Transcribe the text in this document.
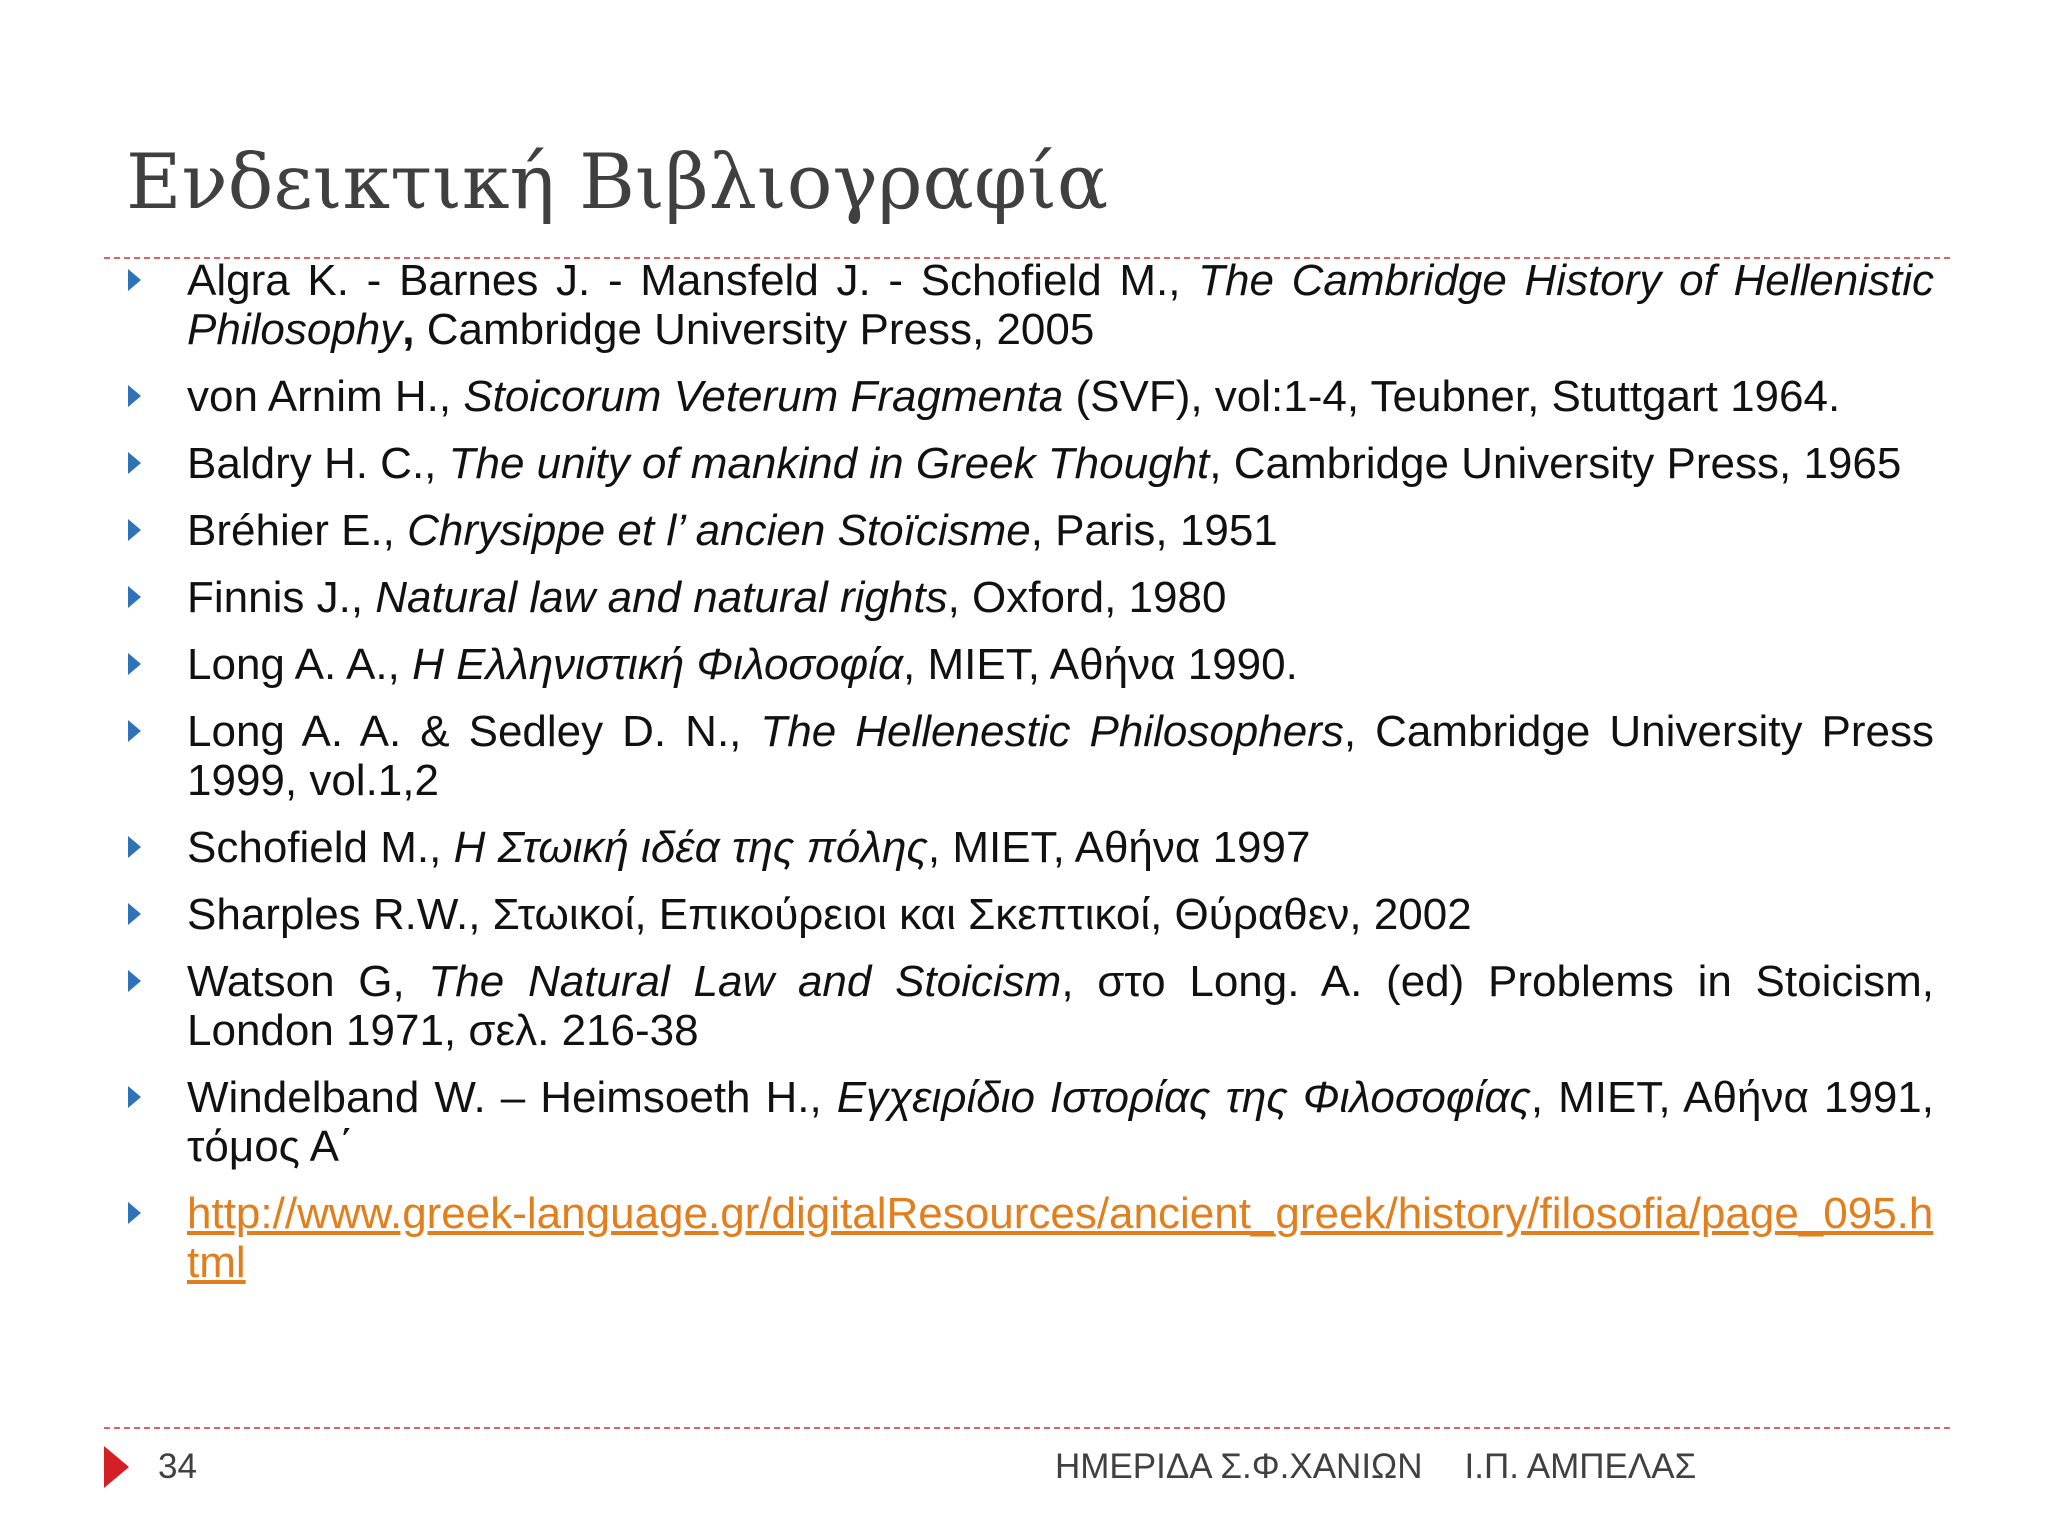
Ενδεικτική Βιβλιογραφία
Algra K. - Barnes J. - Mansfeld J. - Schofield M., The Cambridge History of Hellenistic Philosophy, Cambridge University Press, 2005
von Arnim H., Stoicorum Veterum Fragmenta (SVF), vol:1-4, Teubner, Stuttgart 1964.
Baldry H. C., The unity of mankind in Greek Thought, Cambridge University Press, 1965
Bréhier E., Chrysippe et l’ ancien Stoïcisme, Paris, 1951
Finnis J., Natural law and natural rights, Oxford, 1980
Long A. A., Η Ελληνιστική Φιλοσοφία, ΜΙΕΤ, Αθήνα 1990.
Long A. A. & Sedley D. N., The Hellenestic Philosophers, Cambridge University Press 1999, vol.1,2
Schofield M., Η Στωική ιδέα της πόλης, ΜΙΕΤ, Αθήνα 1997
Sharples R.W., Στωικοί, Επικούρειοι και Σκεπτικοί, Θύραθεν, 2002
Watson G, The Natural Law and Stoicism, στο Long. A. (ed) Problems in Stoicism, London 1971, σελ. 216-38
Windelband W. – Heimsoeth H., Εγχειρίδιο Ιστορίας της Φιλοσοφίας, ΜΙΕΤ, Αθήνα 1991, τόμος Α΄
http://www.greek-language.gr/digitalResources/ancient_greek/history/filosofia/page_095.html
34	ΗΜΕΡΙΔΑ Σ.Φ.ΧΑΝΙΩΝ Ι.Π. ΑΜΠΕΛΑΣ
